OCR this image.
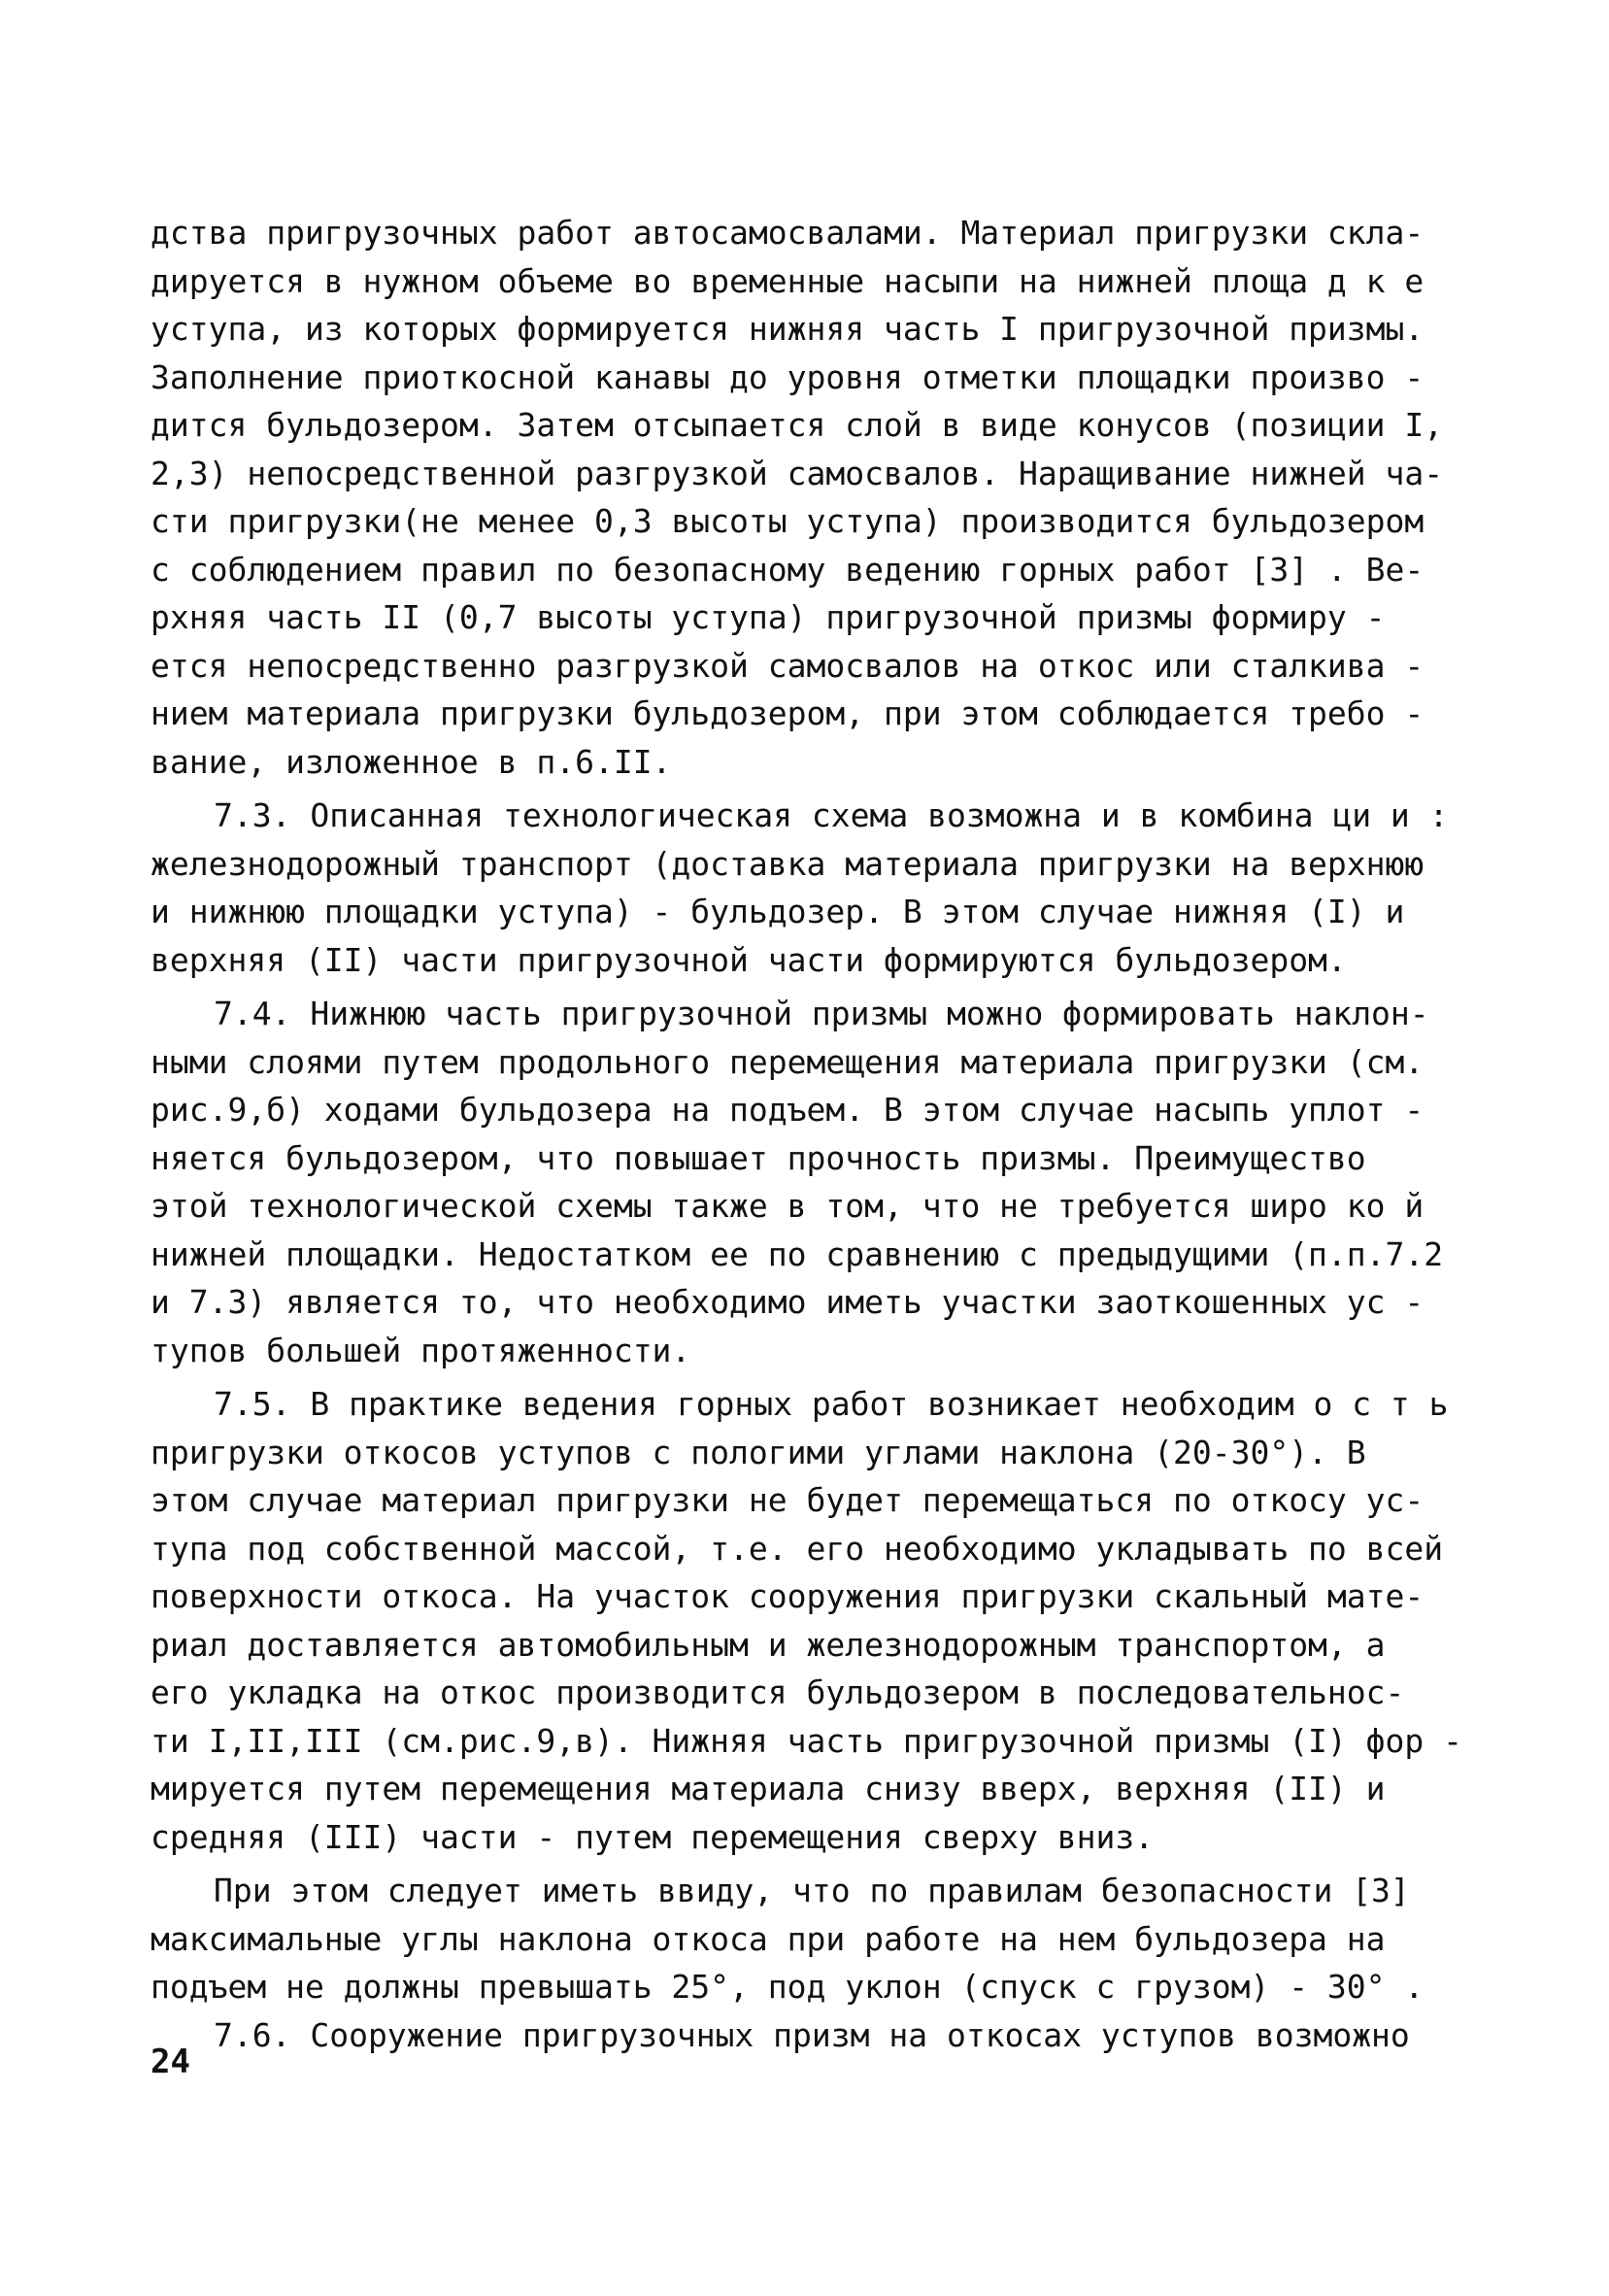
дства пригрузочных работ автосамосвалами. Материал пригрузки скла-
дируется в нужном объеме во временные насыпи на нижней площа д к е
уступа, из которых формируется нижняя часть I пригрузочной призмы.
Заполнение приоткосной канавы до уровня отметки площадки произво -
дится бульдозером. Затем отсыпается слой в виде конусов (позиции I,
2,3) непосредственной разгрузкой самосвалов. Наращивание нижней ча-
сти пригрузки(не менее 0,3 высоты уступа) производится бульдозером
с соблюдением правил по безопасному ведению горных работ [3] . Ве-
рхняя часть II (0,7 высоты уступа) пригрузочной призмы формиру -
ется непосредственно разгрузкой самосвалов на откос или сталкива -
нием материала пригрузки бульдозером, при этом соблюдается требо -
вание, изложенное в п.6.II.
7.3. Описанная технологическая схема возможна и в комбина ци и :
железнодорожный транспорт (доставка материала пригрузки на верхнюю
и нижнюю площадки уступа) - бульдозер. В этом случае нижняя (I) и
верхняя (II) части пригрузочной части формируются бульдозером.
7.4. Нижнюю часть пригрузочной призмы можно формировать наклон-
ными слоями путем продольного перемещения материала пригрузки (см.
рис.9,б) ходами бульдозера на подъем. В этом случае насыпь уплот -
няется бульдозером, что повышает прочность призмы. Преимущество
этой технологической схемы также в том, что не требуется широ ко й
нижней площадки. Недостатком ее по сравнению с предыдущими (п.п.7.2
и 7.3) является то, что необходимо иметь участки заоткошенных ус -
тупов большей протяженности.
7.5. В практике ведения горных работ возникает необходим о с т ь
пригрузки откосов уступов с пологими углами наклона (20-30°). В
этом случае материал пригрузки не будет перемещаться по откосу ус-
тупа под собственной массой, т.е. его необходимо укладывать по всей
поверхности откоса. На участок сооружения пригрузки скальный мате-
риал доставляется автомобильным и железнодорожным транспортом, а
его укладка на откос производится бульдозером в последовательнос-
ти I,II,III (см.рис.9,в). Нижняя часть пригрузочной призмы (I) фор -
мируется путем перемещения материала снизу вверх, верхняя (II) и
средняя (III) части - путем перемещения сверху вниз.
При этом следует иметь ввиду, что по правилам безопасности [3]
максимальные углы наклона откоса при работе на нем бульдозера на
подъем не должны превышать 25°, под уклон (спуск с грузом) - 30° .
7.6. Сооружение пригрузочных призм на откосах уступов возможно
24
